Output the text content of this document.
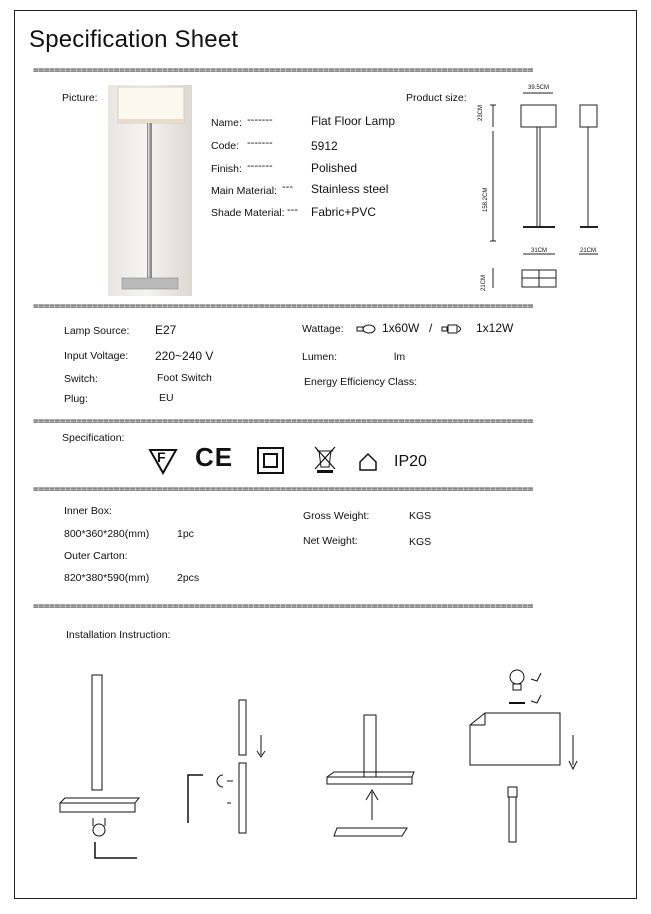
Specification Sheet
=============================================================================================
=============================================================================================
=============================================================================================
=============================================================================================
=============================================================================================
Picture:
Name: -------	Flat Floor Lamp
Code: -------	5912
Finish: -------	Polished
Main Material: --- Stainless steel
Shade Material: --- Fabric+PVC
Product size:
39.5CM
23CM
158.2CM
31CM	21CM
21CM
Lamp Source: E27
Input Voltage: 220~240 V
Switch:	Foot Switch
Plug:	EU
Wattage:	1x60W /	1x12W
Lumen:	lm
Energy Efficiency Class:
Specification:
F CE	IP20
Inner Box:
800*360*280(mm)	1pc
Outer Carton:
820*380*590(mm)	2pcs
Gross Weight:	KGS
Net Weight:	KGS
Installation Instruction:
